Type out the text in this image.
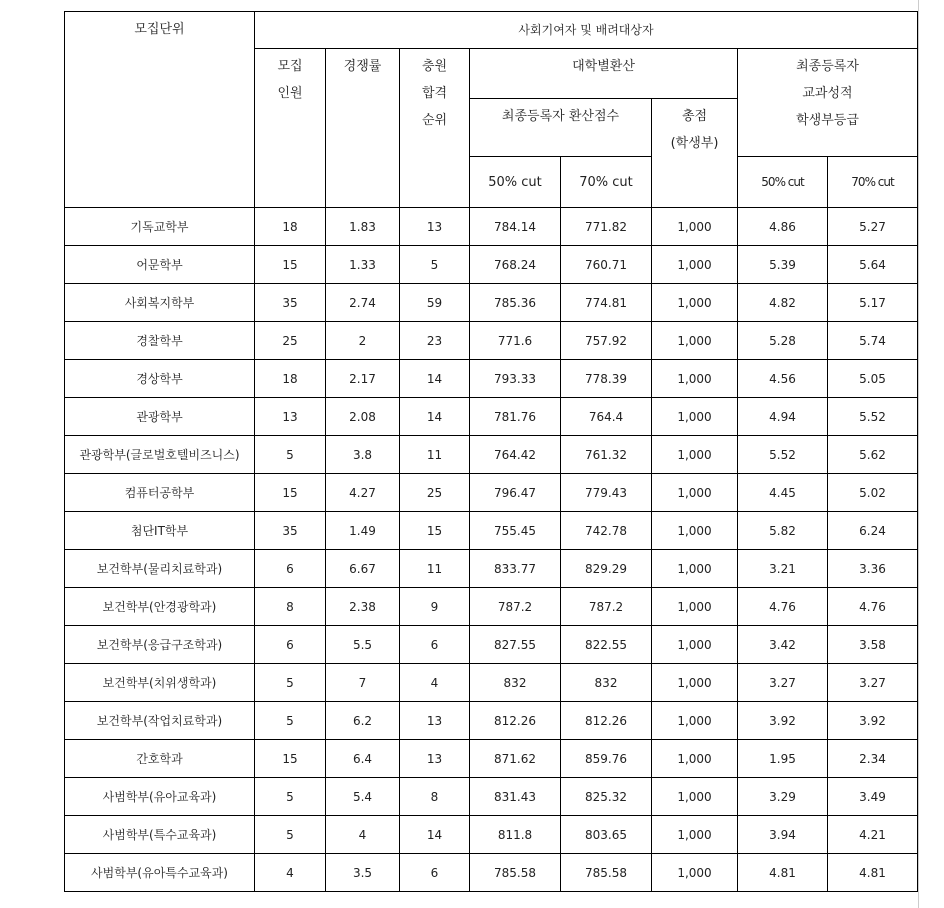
모집단위	사회기여자 및 배려대상자							
	모집
인원	경쟁률	충원
합격
순위	대학별환산			최종등록자
교과성적
학생부등급	
				최종등록자 환산점수		총점
(학생부)		
				50% cut	70% cut		50% cut	70% cut
기독교학부	18	1.83	13	784.14	771.82	1,000	4.86	5.27
어문학부	15	1.33	5	768.24	760.71	1,000	5.39	5.64
사회복지학부	35	2.74	59	785.36	774.81	1,000	4.82	5.17
경찰학부	25	2	23	771.6	757.92	1,000	5.28	5.74
경상학부	18	2.17	14	793.33	778.39	1,000	4.56	5.05
관광학부	13	2.08	14	781.76	764.4	1,000	4.94	5.52
관광학부(글로벌호텔비즈니스)	5	3.8	11	764.42	761.32	1,000	5.52	5.62
컴퓨터공학부	15	4.27	25	796.47	779.43	1,000	4.45	5.02
첨단IT학부	35	1.49	15	755.45	742.78	1,000	5.82	6.24
보건학부(물리치료학과)	6	6.67	11	833.77	829.29	1,000	3.21	3.36
보건학부(안경광학과)	8	2.38	9	787.2	787.2	1,000	4.76	4.76
보건학부(응급구조학과)	6	5.5	6	827.55	822.55	1,000	3.42	3.58
보건학부(치위생학과)	5	7	4	832	832	1,000	3.27	3.27
보건학부(작업치료학과)	5	6.2	13	812.26	812.26	1,000	3.92	3.92
간호학과	15	6.4	13	871.62	859.76	1,000	1.95	2.34
사범학부(유아교육과)	5	5.4	8	831.43	825.32	1,000	3.29	3.49
사범학부(특수교육과)	5	4	14	811.8	803.65	1,000	3.94	4.21
사범학부(유아특수교육과)	4	3.5	6	785.58	785.58	1,000	4.81	4.81
